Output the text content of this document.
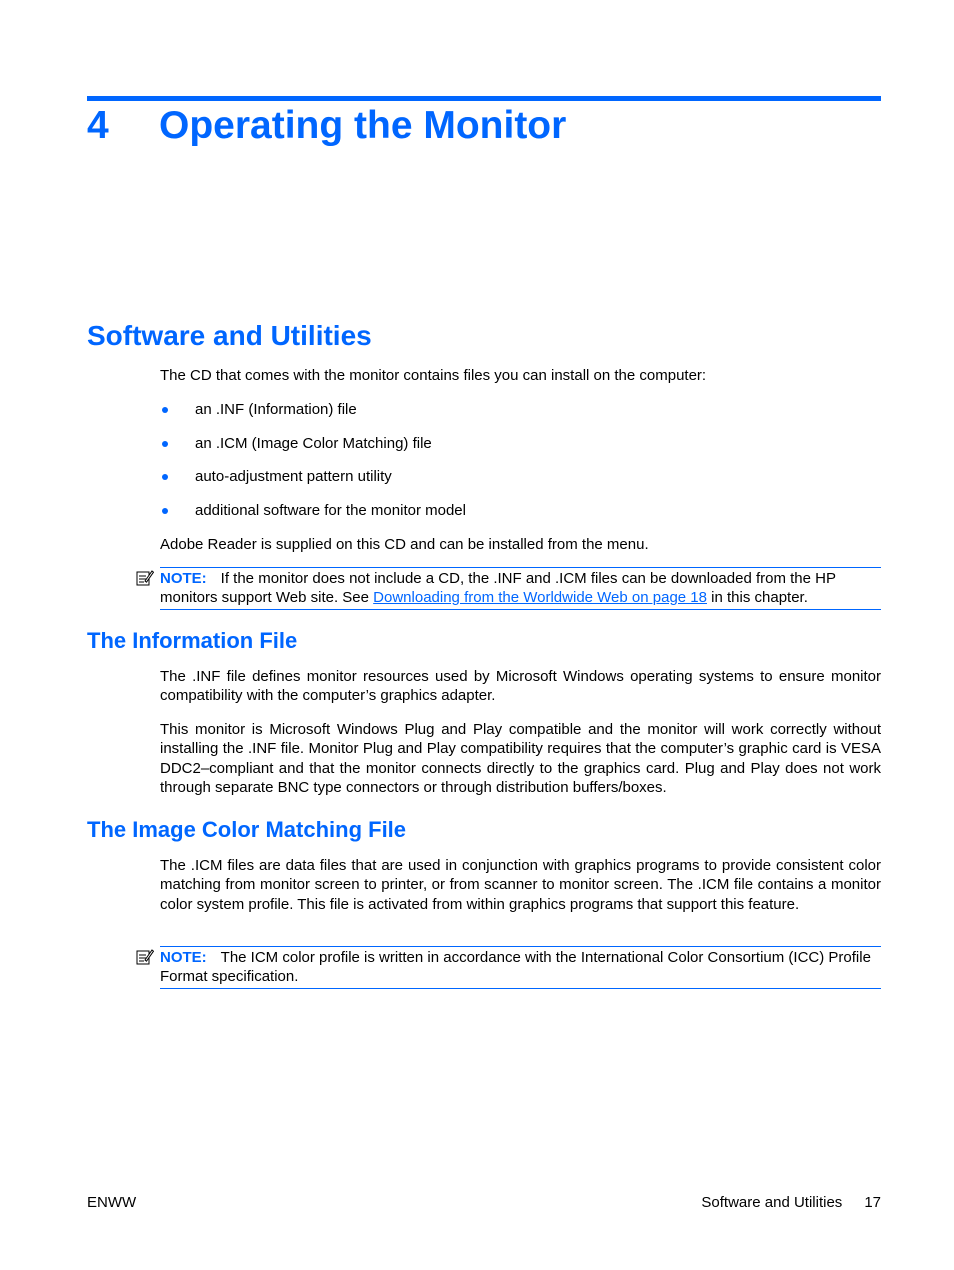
4 Operating the Monitor
Software and Utilities
The CD that comes with the monitor contains files you can install on the computer:
an .INF (Information) file
an .ICM (Image Color Matching) file
auto-adjustment pattern utility
additional software for the monitor model
Adobe Reader is supplied on this CD and can be installed from the menu.
NOTE: If the monitor does not include a CD, the .INF and .ICM files can be downloaded from the HP monitors support Web site. See Downloading from the Worldwide Web on page 18 in this chapter.
The Information File
The .INF file defines monitor resources used by Microsoft Windows operating systems to ensure monitor compatibility with the computer’s graphics adapter.
This monitor is Microsoft Windows Plug and Play compatible and the monitor will work correctly without installing the .INF file. Monitor Plug and Play compatibility requires that the computer’s graphic card is VESA DDC2–compliant and that the monitor connects directly to the graphics card. Plug and Play does not work through separate BNC type connectors or through distribution buffers/boxes.
The Image Color Matching File
The .ICM files are data files that are used in conjunction with graphics programs to provide consistent color matching from monitor screen to printer, or from scanner to monitor screen. The .ICM file contains a monitor color system profile. This file is activated from within graphics programs that support this feature.
NOTE: The ICM color profile is written in accordance with the International Color Consortium (ICC) Profile Format specification.
ENWW	Software and Utilities 17
